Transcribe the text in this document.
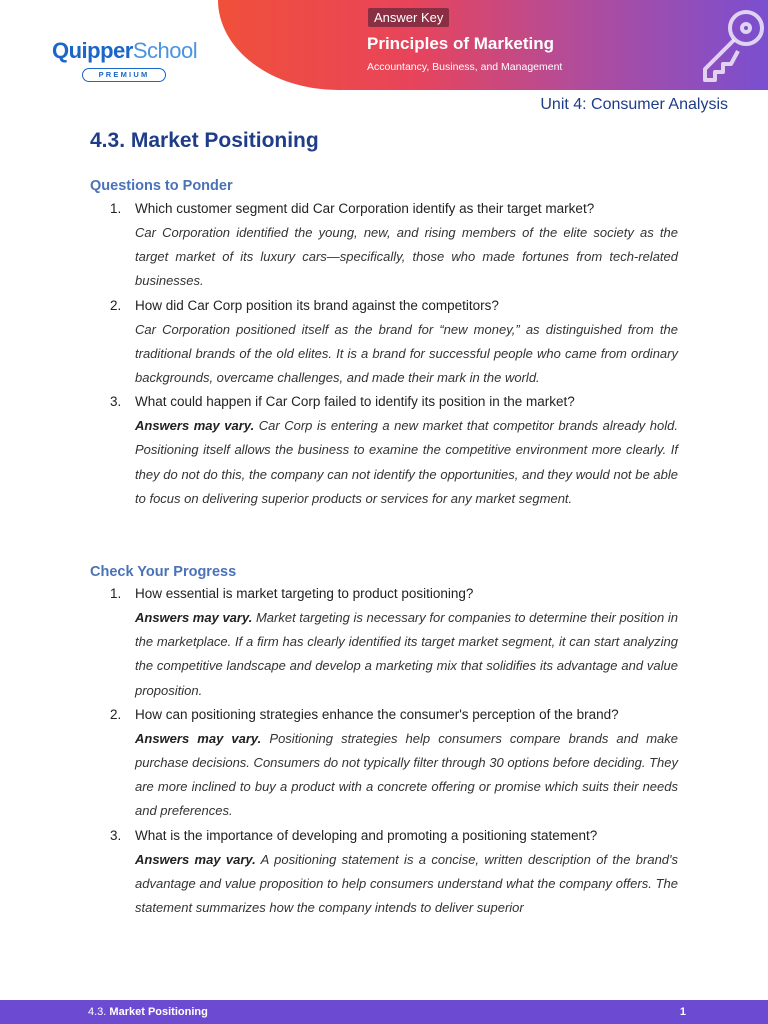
Answer Key
Principles of Marketing
Accountancy, Business, and Management
QuipperSchool
PREMIUM
Unit 4: Consumer Analysis
4.3. Market Positioning
Questions to Ponder
1. Which customer segment did Car Corporation identify as their target market?
Car Corporation identified the young, new, and rising members of the elite society as the target market of its luxury cars—specifically, those who made fortunes from tech-related businesses.
2. How did Car Corp position its brand against the competitors?
Car Corporation positioned itself as the brand for “new money,” as distinguished from the traditional brands of the old elites. It is a brand for successful people who came from ordinary backgrounds, overcame challenges, and made their mark in the world.
3. What could happen if Car Corp failed to identify its position in the market?
Answers may vary. Car Corp is entering a new market that competitor brands already hold. Positioning itself allows the business to examine the competitive environment more clearly. If they do not do this, the company can not identify the opportunities, and they would not be able to focus on delivering superior products or services for any market segment.
Check Your Progress
1. How essential is market targeting to product positioning?
Answers may vary. Market targeting is necessary for companies to determine their position in the marketplace. If a firm has clearly identified its target market segment, it can start analyzing the competitive landscape and develop a marketing mix that solidifies its advantage and value proposition.
2. How can positioning strategies enhance the consumer's perception of the brand?
Answers may vary. Positioning strategies help consumers compare brands and make purchase decisions. Consumers do not typically filter through 30 options before deciding. They are more inclined to buy a product with a concrete offering or promise which suits their needs and preferences.
3. What is the importance of developing and promoting a positioning statement?
Answers may vary. A positioning statement is a concise, written description of the brand's advantage and value proposition to help consumers understand what the company offers. The statement summarizes how the company intends to deliver superior
4.3. Market Positioning	1
